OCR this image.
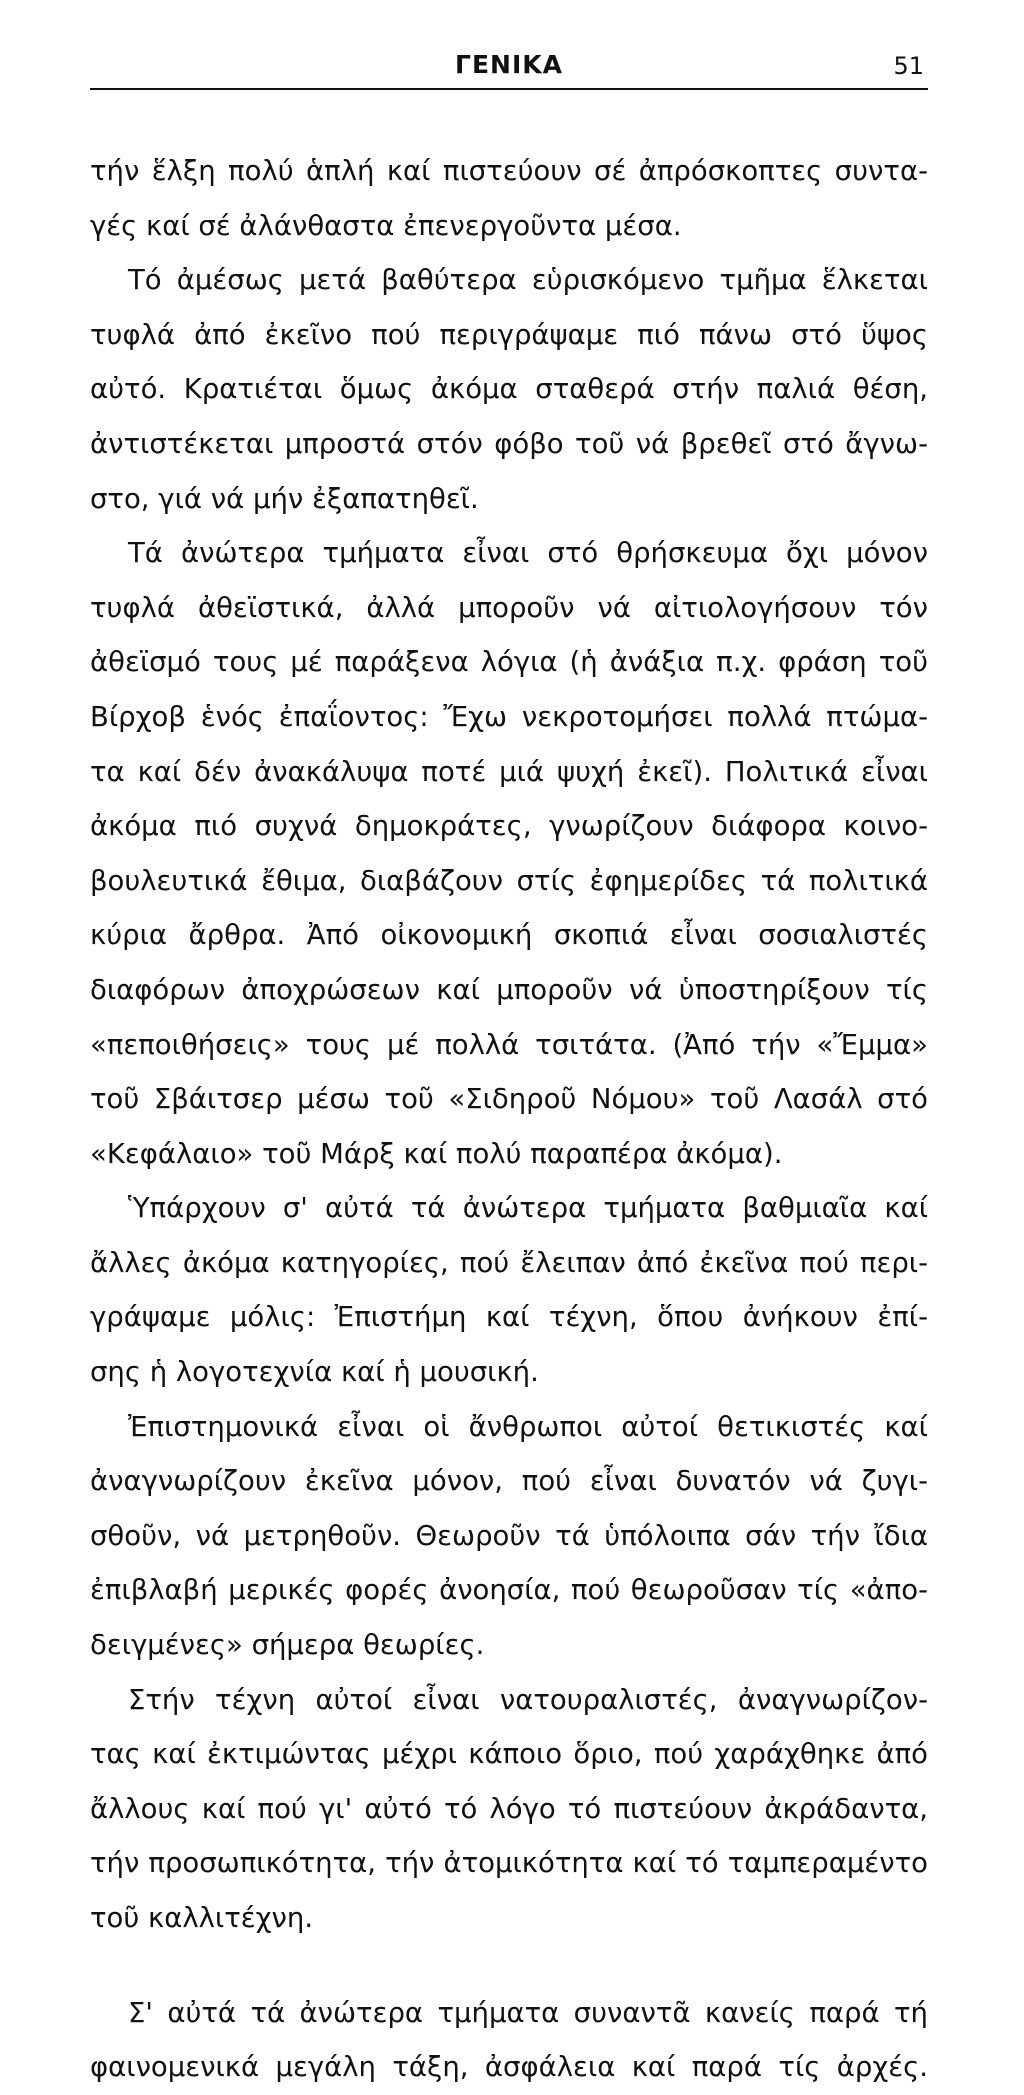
ΓΕΝΙΚΑ	51
τήν ἕλξη πολύ ἁπλή καί πιστεύουν σέ ἀπρόσκοπτες συντα-
γές καί σέ ἀλάνθαστα ἐπενεργοῦντα μέσα.
Τό ἀμέσως μετά βαθύτερα εὑρισκόμενο τμῆμα ἕλκεται
τυφλά ἀπό ἐκεῖνο πού περιγράψαμε πιό πάνω στό ὕψος
αὐτό. Κρατιέται ὅμως ἀκόμα σταθερά στήν παλιά θέση,
ἀντιστέκεται μπροστά στόν φόβο τοῦ νά βρεθεῖ στό ἄγνω-
στο, γιά νά μήν ἐξαπατηθεῖ.
Τά ἀνώτερα τμήματα εἶναι στό θρήσκευμα ὄχι μόνον
τυφλά ἀθεϊστικά, ἀλλά μποροῦν νά αἰτιολογήσουν τόν
ἀθεϊσμό τους μέ παράξενα λόγια (ἡ ἀνάξια π.χ. φράση τοῦ
Βίρχοβ ἑνός ἐπαΐοντος: Ἔχω νεκροτομήσει πολλά πτώμα-
τα καί δέν ἀνακάλυψα ποτέ μιά ψυχή ἐκεῖ). Πολιτικά εἶναι
ἀκόμα πιό συχνά δημοκράτες, γνωρίζουν διάφορα κοινο-
βουλευτικά ἔθιμα, διαβάζουν στίς ἐφημερίδες τά πολιτικά
κύρια ἄρθρα. Ἀπό οἰκονομική σκοπιά εἶναι σοσιαλιστές
διαφόρων ἀποχρώσεων καί μποροῦν νά ὑποστηρίξουν τίς
«πεποιθήσεις» τους μέ πολλά τσιτάτα. (Ἀπό τήν «Ἔμμα»
τοῦ Σβάιτσερ μέσω τοῦ «Σιδηροῦ Νόμου» τοῦ Λασάλ στό
«Κεφάλαιο» τοῦ Μάρξ καί πολύ παραπέρα ἀκόμα).
Ὑπάρχουν σ' αὐτά τά ἀνώτερα τμήματα βαθμιαῖα καί
ἄλλες ἀκόμα κατηγορίες, πού ἔλειπαν ἀπό ἐκεῖνα πού περι-
γράψαμε μόλις: Ἐπιστήμη καί τέχνη, ὅπου ἀνήκουν ἐπί-
σης ἡ λογοτεχνία καί ἡ μουσική.
Ἐπιστημονικά εἶναι οἱ ἄνθρωποι αὐτοί θετικιστές καί
ἀναγνωρίζουν ἐκεῖνα μόνον, πού εἶναι δυνατόν νά ζυγι-
σθοῦν, νά μετρηθοῦν. Θεωροῦν τά ὑπόλοιπα σάν τήν ἴδια
ἐπιβλαβή μερικές φορές ἀνοησία, πού θεωροῦσαν τίς «ἀπο-
δειγμένες» σήμερα θεωρίες.
Στήν τέχνη αὐτοί εἶναι νατουραλιστές, ἀναγνωρίζον-
τας καί ἐκτιμώντας μέχρι κάποιο ὅριο, πού χαράχθηκε ἀπό
ἄλλους καί πού γι' αὐτό τό λόγο τό πιστεύουν ἀκράδαντα,
τήν προσωπικότητα, τήν ἀτομικότητα καί τό ταμπεραμέντο
τοῦ καλλιτέχνη.
Σ' αὐτά τά ἀνώτερα τμήματα συναντᾶ κανείς παρά τή
φαινομενικά μεγάλη τάξη, ἀσφάλεια καί παρά τίς ἀρχές.
